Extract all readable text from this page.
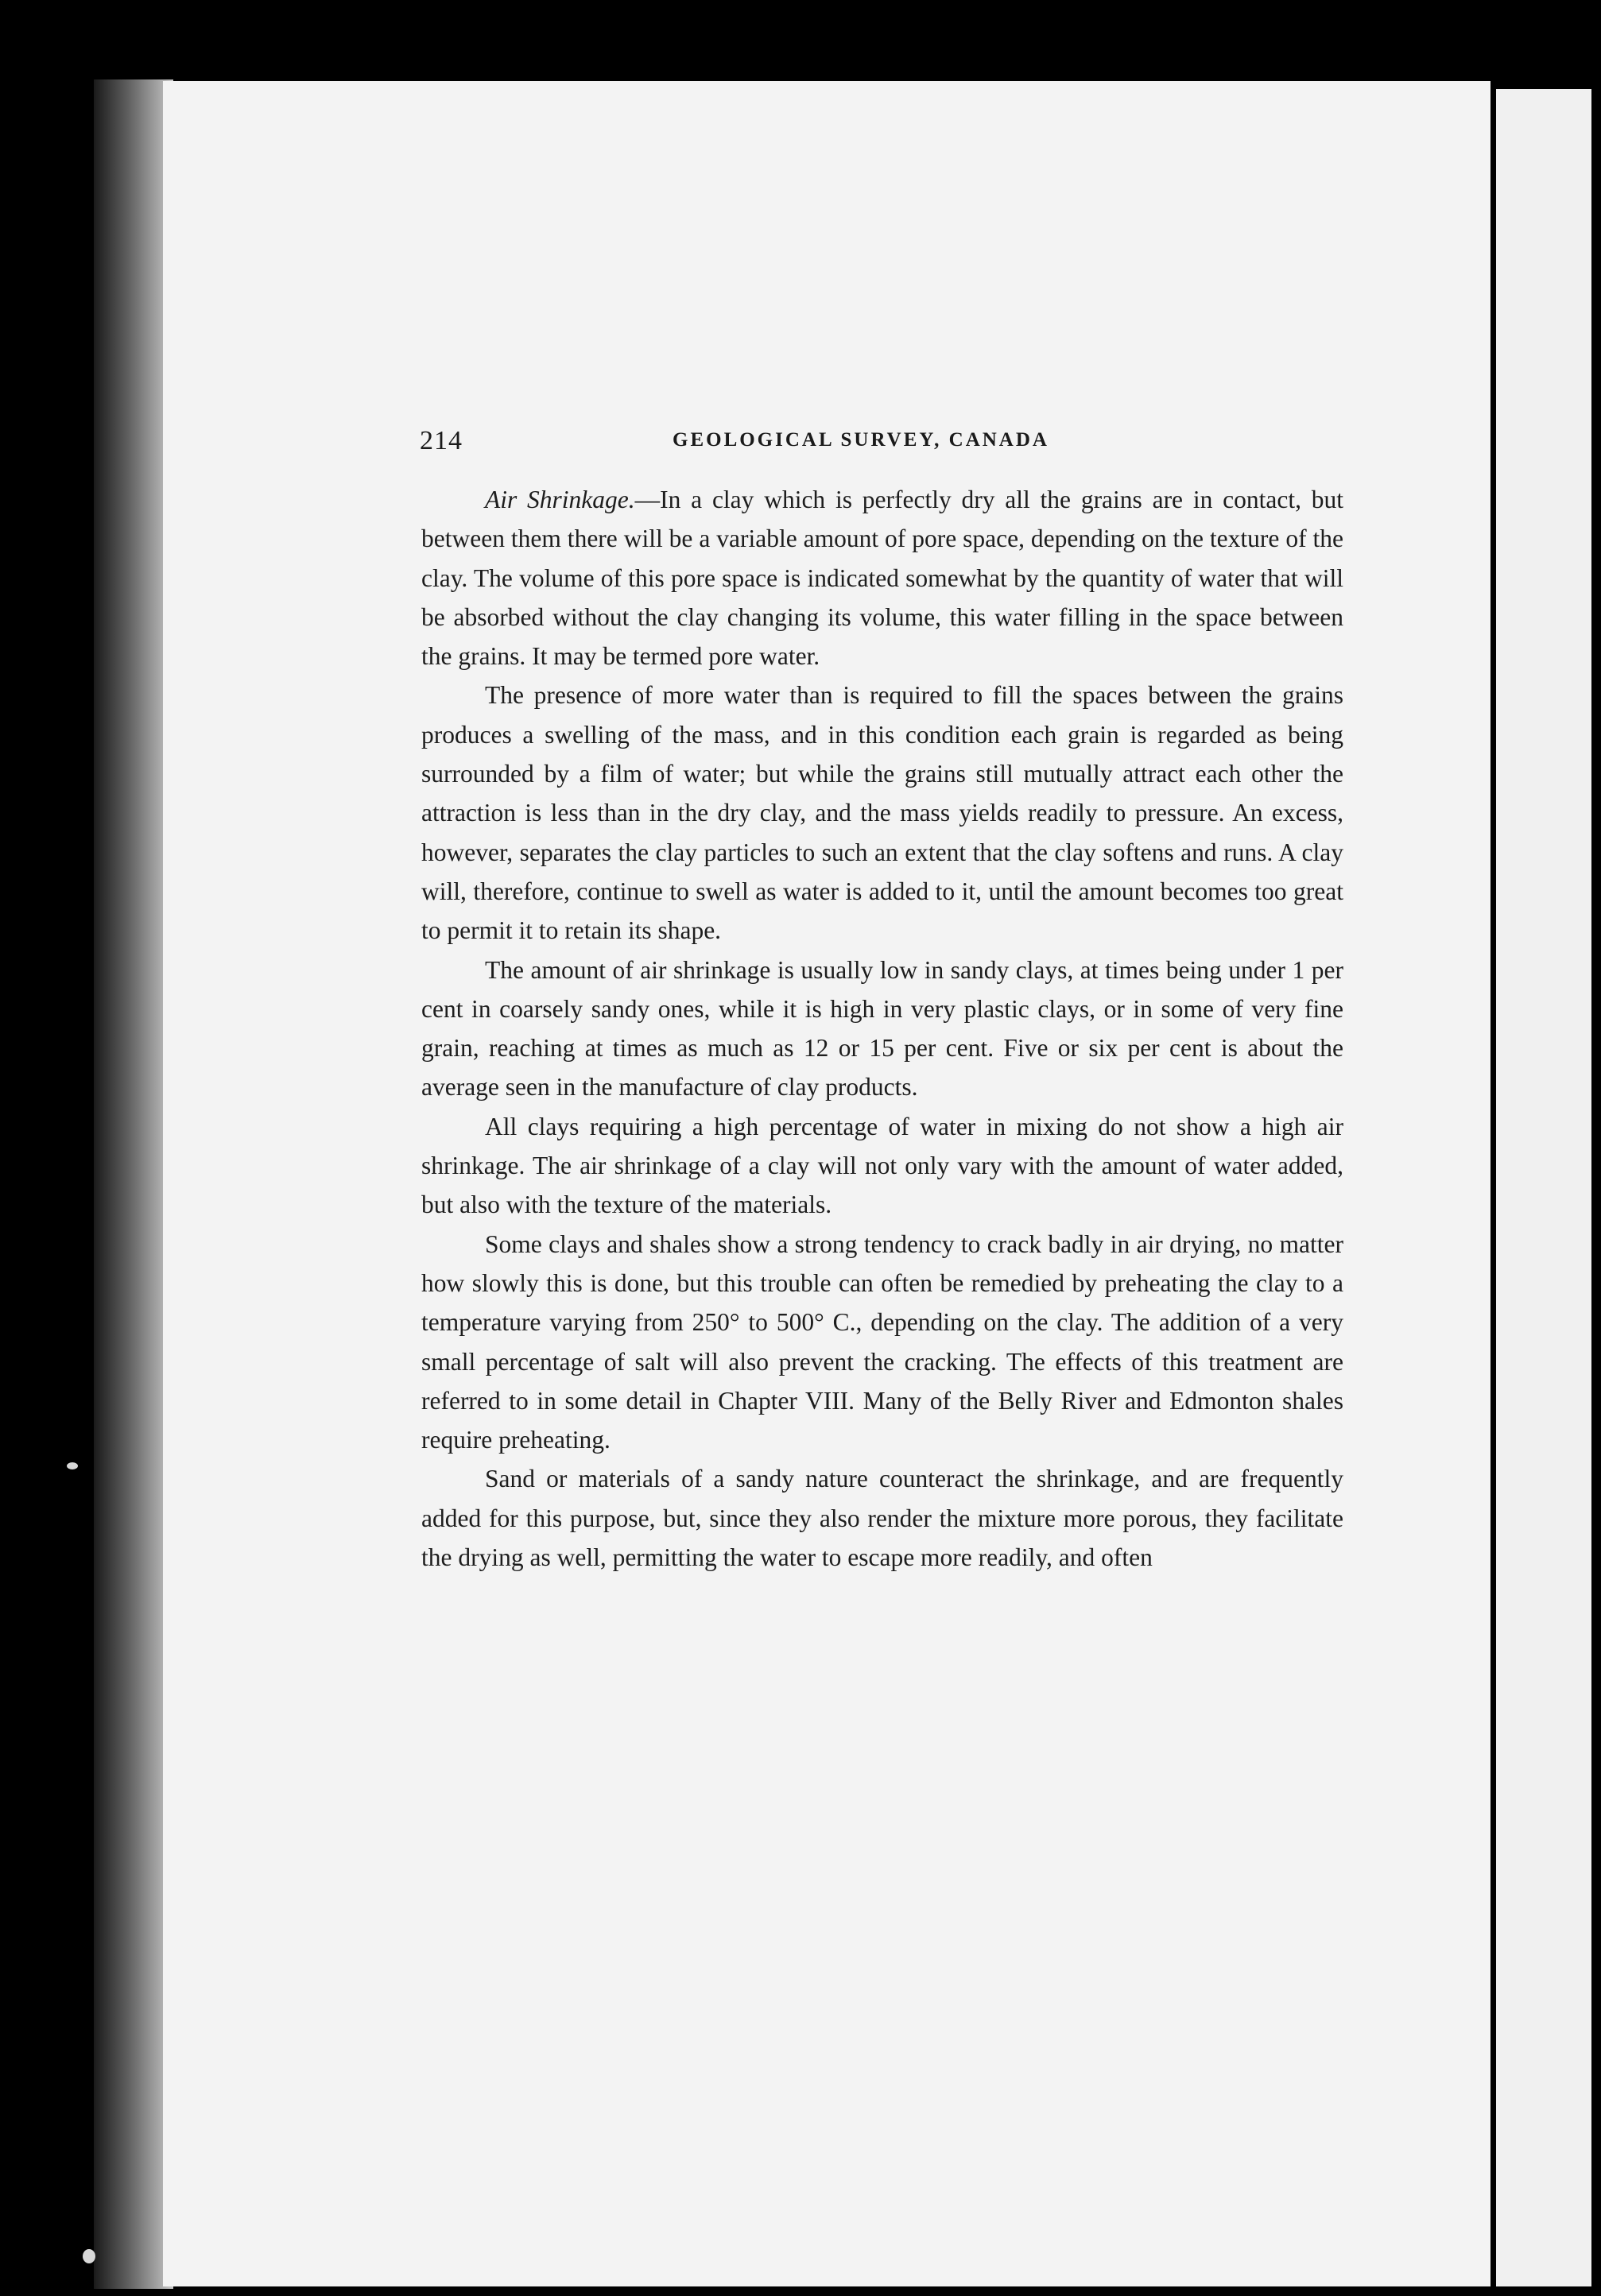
214	GEOLOGICAL SURVEY, CANADA

Air Shrinkage.—In a clay which is perfectly dry all the grains are in contact, but between them there will be a variable amount of pore space, depending on the texture of the clay. The volume of this pore space is indicated somewhat by the quantity of water that will be absorbed without the clay changing its volume, this water filling in the space between the grains. It may be termed pore water.

The presence of more water than is required to fill the spaces between the grains produces a swelling of the mass, and in this condition each grain is regarded as being surrounded by a film of water; but while the grains still mutually attract each other the attraction is less than in the dry clay, and the mass yields readily to pressure. An excess, however, separates the clay particles to such an extent that the clay softens and runs. A clay will, therefore, continue to swell as water is added to it, until the amount becomes too great to permit it to retain its shape.

The amount of air shrinkage is usually low in sandy clays, at times being under 1 per cent in coarsely sandy ones, while it is high in very plastic clays, or in some of very fine grain, reaching at times as much as 12 or 15 per cent. Five or six per cent is about the average seen in the manufacture of clay products.

All clays requiring a high percentage of water in mixing do not show a high air shrinkage. The air shrinkage of a clay will not only vary with the amount of water added, but also with the texture of the materials.

Some clays and shales show a strong tendency to crack badly in air drying, no matter how slowly this is done, but this trouble can often be remedied by preheating the clay to a temperature varying from 250° to 500° C., depending on the clay. The addition of a very small percentage of salt will also prevent the cracking. The effects of this treatment are referred to in some detail in Chapter VIII. Many of the Belly River and Edmonton shales require preheating.

Sand or materials of a sandy nature counteract the shrinkage, and are frequently added for this purpose, but, since they also render the mixture more porous, they facilitate the drying as well, permitting the water to escape more readily, and often
